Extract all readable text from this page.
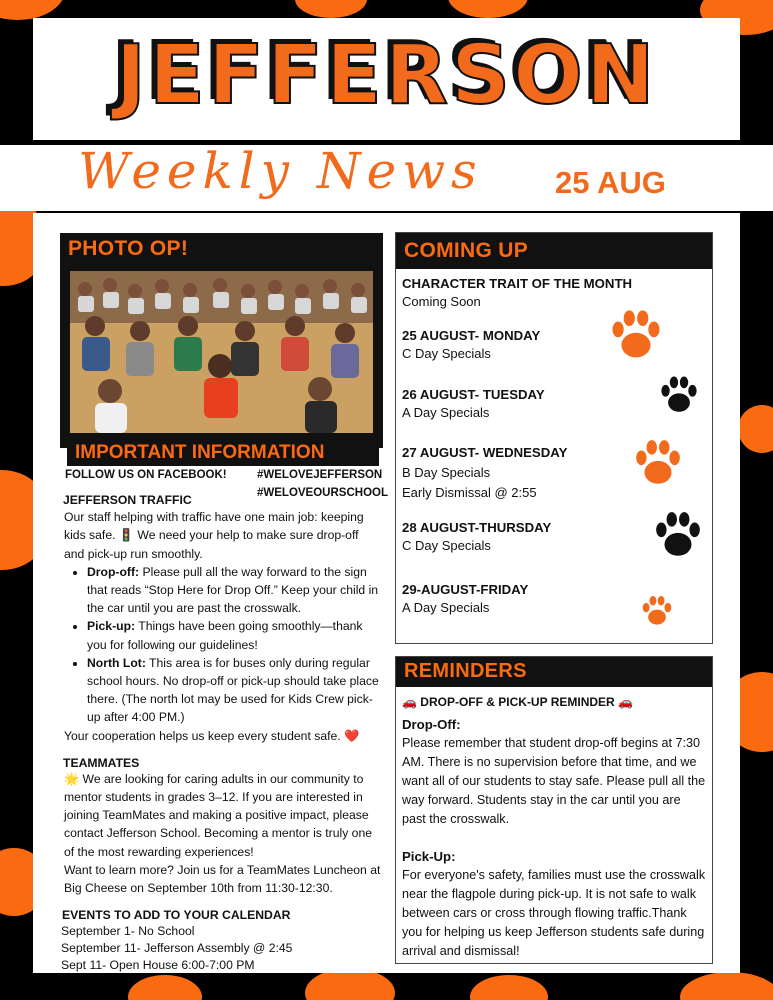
JEFFERSON
Weekly News 25 AUG
PHOTO OP!
IMPORTANT INFORMATION
FOLLOW US ON FACEBOOK!	#WELOVEJEFFERSON
#WELOVEOURSCHOOL
JEFFERSON TRAFFIC
Our staff helping with traffic have one main job: keeping kids safe. 🚦 We need your help to make sure drop-off and pick-up run smoothly.
• Drop-off: Please pull all the way forward to the sign that reads “Stop Here for Drop Off.” Keep your child in the car until you are past the crosswalk.
• Pick-up: Things have been going smoothly—thank you for following our guidelines!
• North Lot: This area is for buses only during regular school hours. No drop-off or pick-up should take place there. (The north lot may be used for Kids Crew pick-up after 4:00 PM.)
Your cooperation helps us keep every student safe. ❤️
TEAMMATES
🌟 We are looking for caring adults in our community to mentor students in grades 3–12. If you are interested in joining TeamMates and making a positive impact, please contact Jefferson School. Becoming a mentor is truly one of the most rewarding experiences!
Want to learn more? Join us for a TeamMates Luncheon at Big Cheese on September 10th from 11:30-12:30.
EVENTS TO ADD TO YOUR CALENDAR
September 1- No School
September 11- Jefferson Assembly @ 2:45
Sept 11- Open House 6:00-7:00 PM
COMING UP
CHARACTER TRAIT OF THE MONTH
Coming Soon
25 AUGUST- MONDAY
C Day Specials
26 AUGUST- TUESDAY
A Day Specials
27 AUGUST- WEDNESDAY
B Day Specials
Early Dismissal @ 2:55
28 AUGUST-THURSDAY
C Day Specials
29-AUGUST-FRIDAY
A Day Specials
REMINDERS
🚗 DROP-OFF & PICK-UP REMINDER 🚗
Drop-Off:
Please remember that student drop-off begins at 7:30 AM. There is no supervision before that time, and we want all of our students to stay safe. Please pull all the way forward. Students stay in the car until you are past the crosswalk.
Pick-Up:
For everyone's safety, families must use the crosswalk near the flagpole during pick-up. It is not safe to walk between cars or cross through flowing traffic.Thank you for helping us keep Jefferson students safe during arrival and dismissal!
